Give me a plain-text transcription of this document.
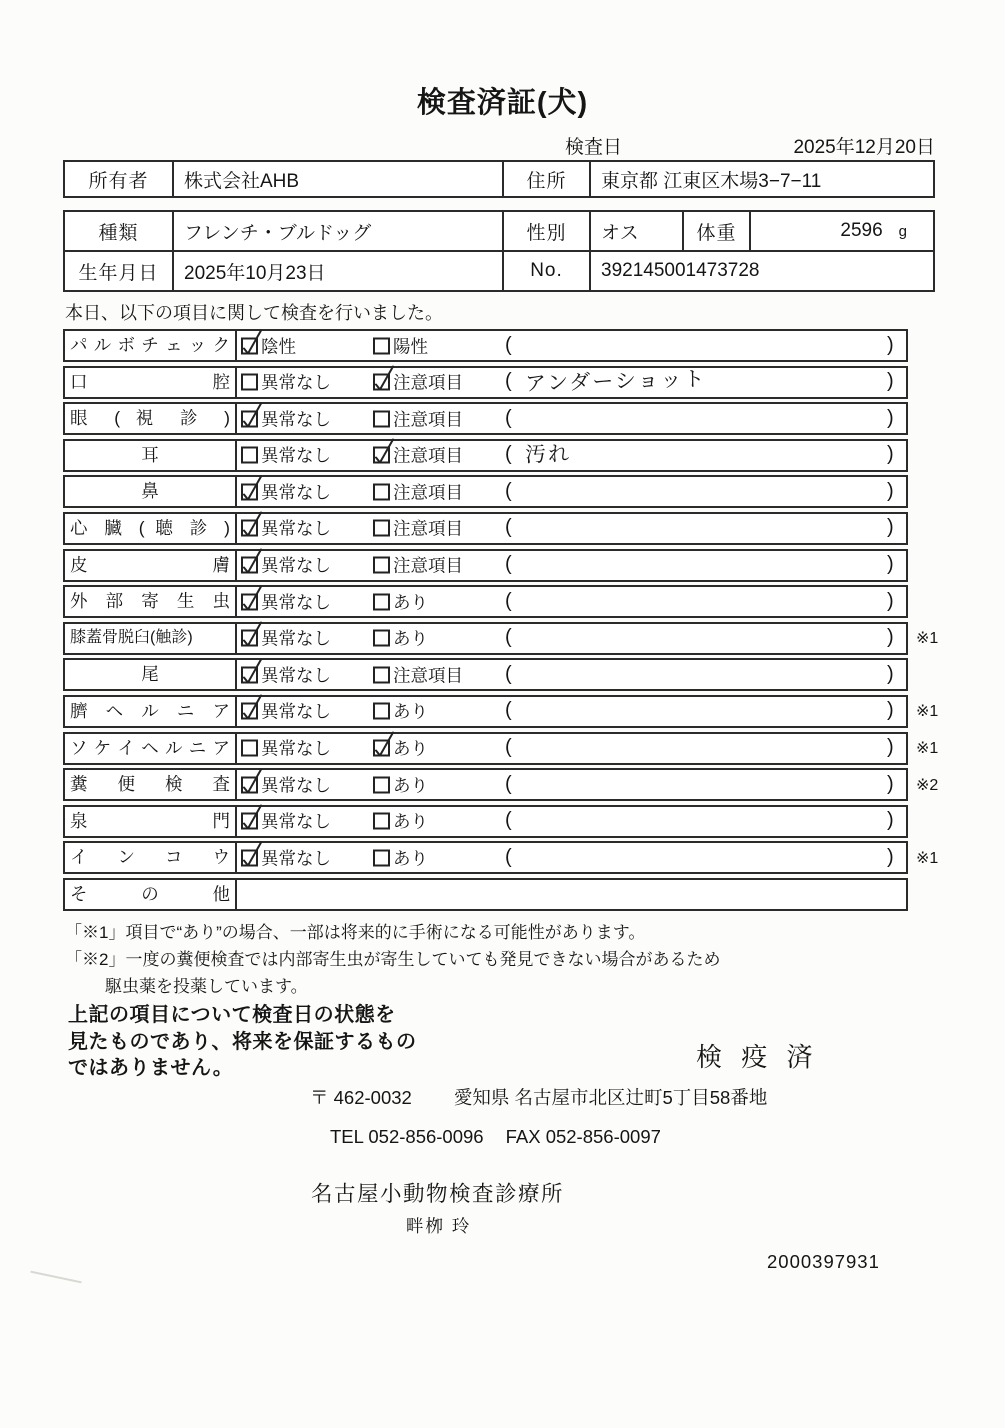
検査済証(犬)
検査日	2025年12月20日
所有者	株式会社AHB	住所	東京都 江東区木場3−7−11
種類	フレンチ・ブルドッグ	性別	オス	体重	2596 g
生年月日	2025年10月23日	No.	392145001473728

本日、以下の項目に関して検査を行いました。

パ ル ボ チ ェ ッ ク	陰性	陽性	(	)
口 腔	異常なし	注意項目 ( アンダーショット	)
眼 ( 視 診 )	異常なし	注意項目 (	)
耳	異常なし	注意項目 ( 汚れ	)
鼻	異常なし	注意項目 (	)
心 臓 ( 聴 診 )	異常なし	注意項目 (	)
皮 膚	異常なし	注意項目 (	)
外 部 寄 生 虫	異常なし	あり	(	)
膝蓋骨脱臼(触診)	異常なし	あり	(	) ※1
尾	異常なし	注意項目 (	)
臍 ヘ ル ニ ア	異常なし	あり	(	) ※1
ソ ケ イ ヘ ル ニ ア	異常なし	あり	(	) ※1
糞 便 検 査	異常なし	あり	(	) ※2
泉 門	異常なし	あり	(	)
イ ン コ ウ	異常なし	あり	(	) ※1
そ の 他
「※1」項目で“あり”の場合、一部は将来的に手術になる可能性があります。
「※2」一度の糞便検査では内部寄生虫が寄生していても発見できない場合があるため
駆虫薬を投薬しています。
上記の項目について検査日の状態を
見たものであり、将来を保証するもの
ではありません。	検 疫 済
〒 462-0032 愛知県 名古屋市北区辻町5丁目58番地
TEL 052-856-0096 FAX 052-856-0097
名古屋小動物検査診療所
畔栁 玲
2000397931
